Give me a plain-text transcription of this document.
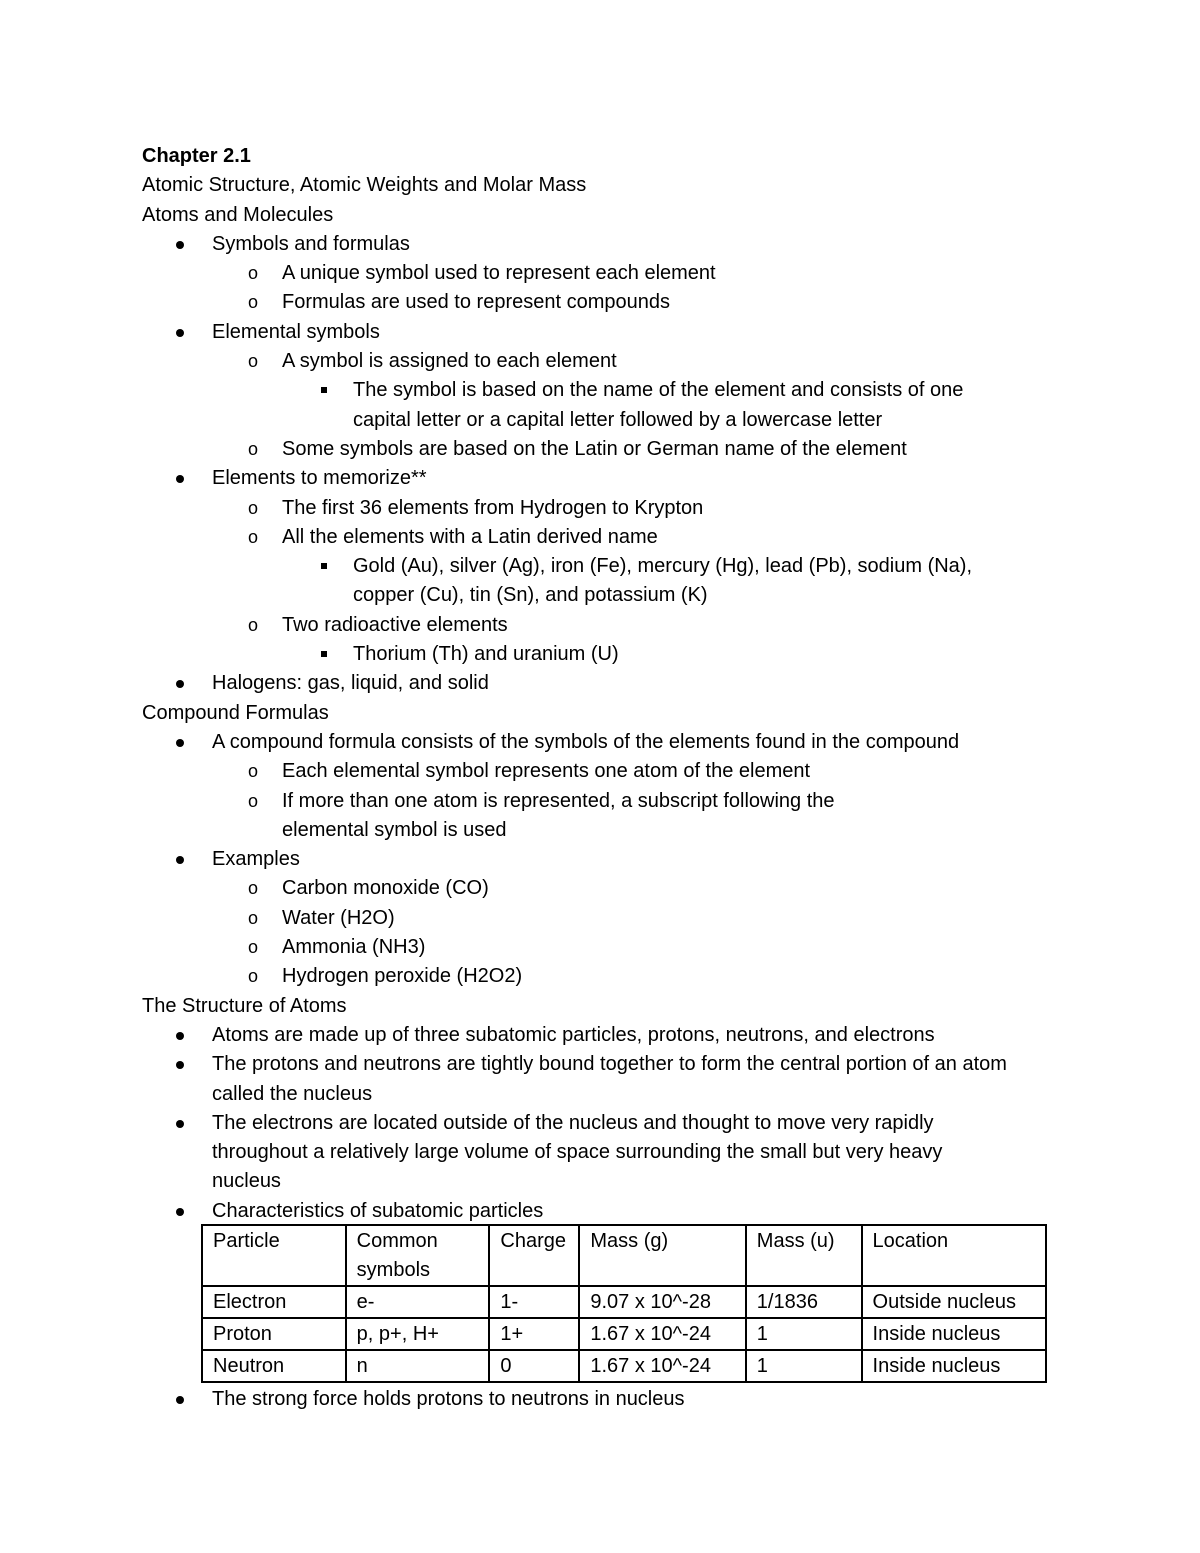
Chapter 2.1

Atomic Structure, Atomic Weights and Molar Mass

Atoms and Molecules

Symbols and formulas
o A unique symbol used to represent each element
o Formulas are used to represent compounds
Elemental symbols
o A symbol is assigned to each element
The symbol is based on the name of the element and consists of one capital letter or a capital letter followed by a lowercase letter
o Some symbols are based on the Latin or German name of the element
Elements to memorize**
o The first 36 elements from Hydrogen to Krypton
o All the elements with a Latin derived name
Gold (Au), silver (Ag), iron (Fe), mercury (Hg), lead (Pb), sodium (Na), copper (Cu), tin (Sn), and potassium (K)
o Two radioactive elements
Thorium (Th) and uranium (U)
Halogens: gas, liquid, and solid

Compound Formulas

A compound formula consists of the symbols of the elements found in the compound
o Each elemental symbol represents one atom of the element
o If more than one atom is represented, a subscript following the elemental symbol is used
Examples
o Carbon monoxide (CO)
o Water (H2O)
o Ammonia (NH3)
o Hydrogen peroxide (H2O2)

The Structure of Atoms

Atoms are made up of three subatomic particles, protons, neutrons, and electrons
The protons and neutrons are tightly bound together to form the central portion of an atom called the nucleus
The electrons are located outside of the nucleus and thought to move very rapidly throughout a relatively large volume of space surrounding the small but very heavy nucleus
Characteristics of subatomic particles
Particle	Common symbols	Charge	Mass (g)	Mass (u)	Location
Electron	e-	1-	9.07 x 10^-28	1/1836	Outside nucleus
Proton	p, p+, H+	1+	1.67 x 10^-24	1	Inside nucleus
Neutron	n	0	1.67 x 10^-24	1	Inside nucleus
The strong force holds protons to neutrons in nucleus
